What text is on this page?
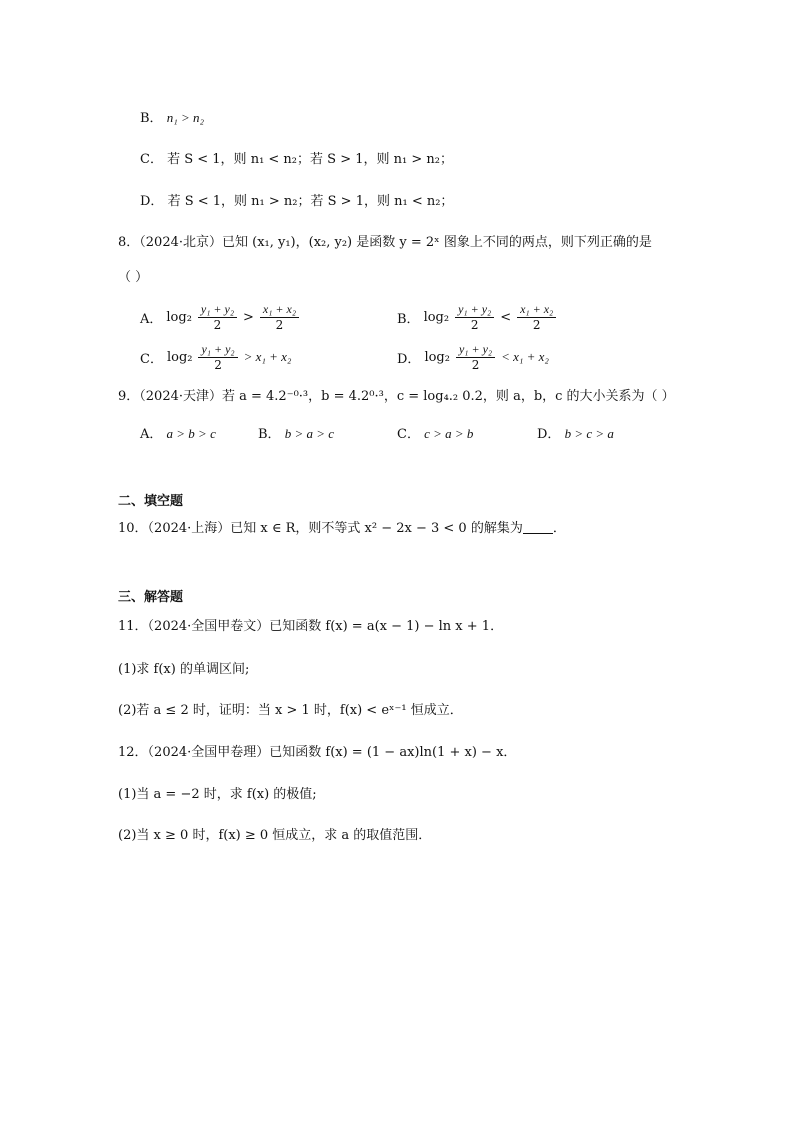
B． n₁ > n₂
C． 若 S < 1，则 n₁ < n₂；若 S > 1，则 n₁ > n₂；
D． 若 S < 1，则 n₁ > n₂；若 S > 1，则 n₁ < n₂；
8．（2024·北京）已知 (x₁, y₁)，(x₂, y₂) 是函数 y = 2ˣ 图象上不同的两点，则下列正确的是
（ ）
A． $\log_2 \frac{\text{y₁ + y₂}}{2} > \frac{\text{x₁ + x₂}}{2}$	B． $\log_2 \frac{\text{y₁ + y₂}}{2} < \frac{\text{x₁ + x₂}}{2}$
C． $\log_2 \frac{\text{y₁ + y₂}}{2} > x_1 + x_2$	D． $\log_2 \frac{\text{y₁ + y₂}}{2} < x_1 + x_2$
9．（2024·天津）若 a = 4.2⁻⁰·³，b = 4.2⁰·³，c = log₄.₂ 0.2，则 a，b，c 的大小关系为（ ）
A． a > b > c	B． b > a > c	C． c > a > b	D． b > c > a
二、填空题
10．（2024·上海）已知 x ∈ R，则不等式 x² − 2x − 3 < 0 的解集为 ．
三、解答题
11．（2024·全国甲卷文）已知函数 f(x) = a(x − 1) − ln x + 1．
(1)求 f(x) 的单调区间;
(2)若 a ≤ 2 时，证明：当 x > 1 时，f(x) < eˣ⁻¹ 恒成立．
12．（2024·全国甲卷理）已知函数 f(x) = (1 − ax)ln(1 + x) − x．
(1)当 a = −2 时，求 f(x) 的极值;
(2)当 x ≥ 0 时，f(x) ≥ 0 恒成立，求 a 的取值范围．
